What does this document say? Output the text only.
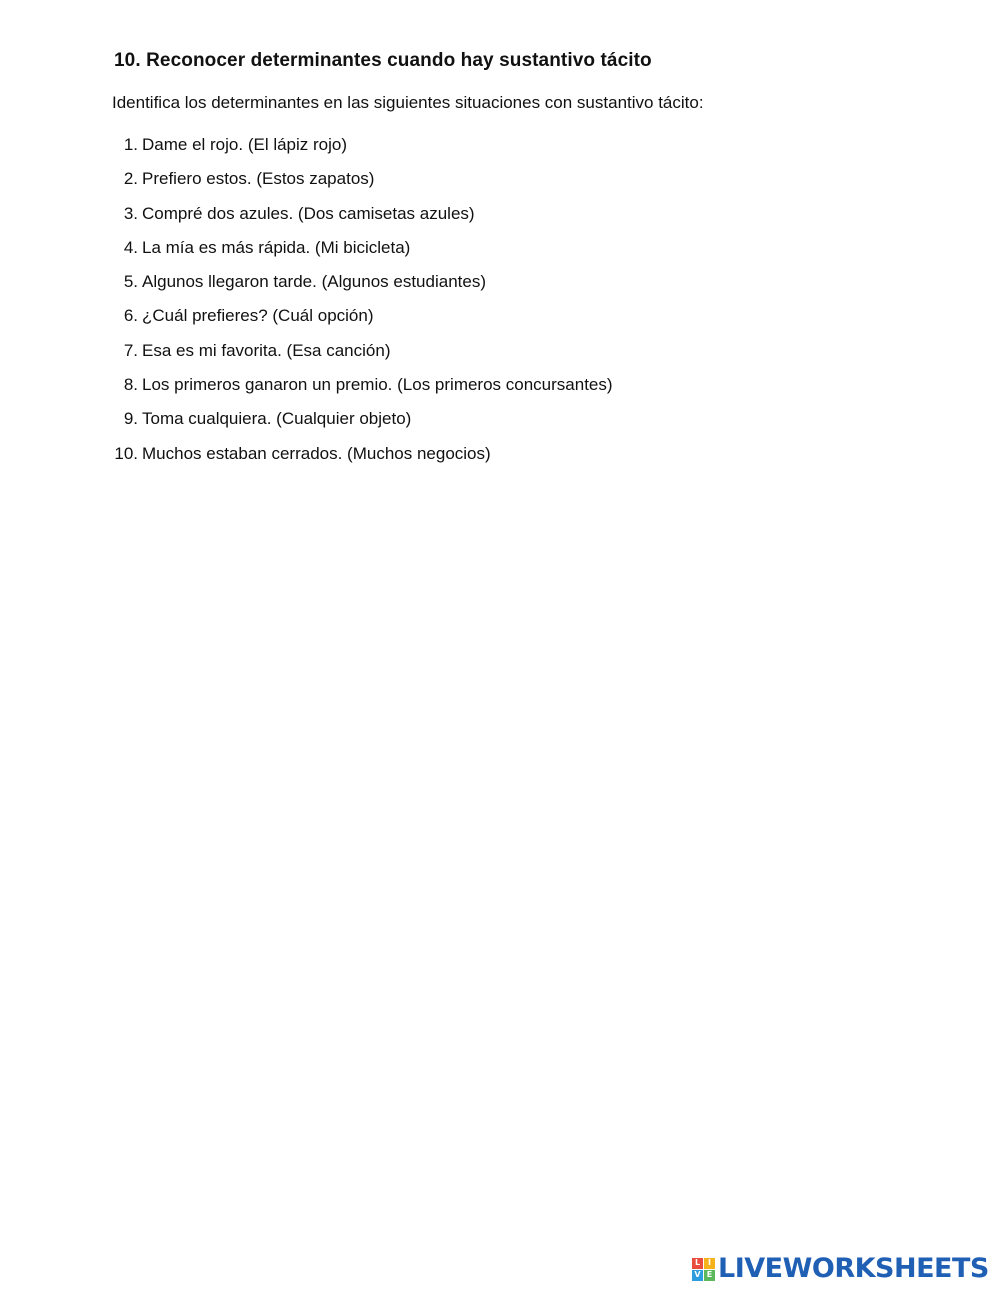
10. Reconocer determinantes cuando hay sustantivo tácito

Identifica los determinantes en las siguientes situaciones con sustantivo tácito:

1. Dame el rojo. (El lápiz rojo)
2. Prefiero estos. (Estos zapatos)
3. Compré dos azules. (Dos camisetas azules)
4. La mía es más rápida. (Mi bicicleta)
5. Algunos llegaron tarde. (Algunos estudiantes)
6. ¿Cuál prefieres? (Cuál opción)
7. Esa es mi favorita. (Esa canción)
8. Los primeros ganaron un premio. (Los primeros concursantes)
9. Toma cualquiera. (Cualquier objeto)
10. Muchos estaban cerrados. (Muchos negocios)
L I
V E LIVEWORKSHEETS
